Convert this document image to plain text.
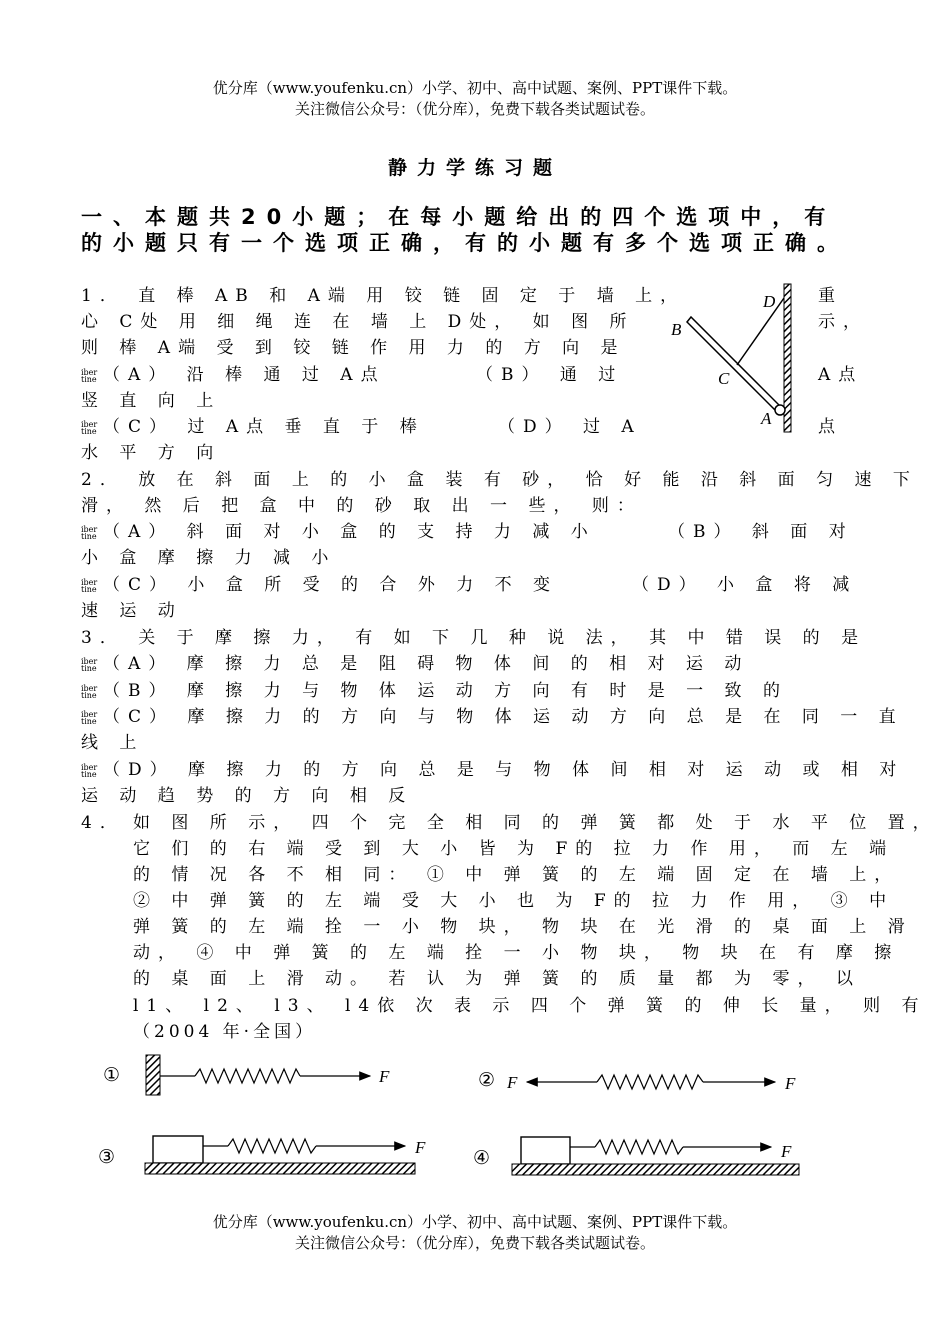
优分库（www.youfenku.cn）小学、初中、高中试题、案例、PPT课件下载。
关注微信公众号：（优分库），免费下载各类试题试卷。
静力学练习题
一、本题共20小题；在每小题给出的四个选项中，有的小题只有一个选项正确，有的小题有多个选项正确。
1． 直 棒 AB 和 A端 用 铰 链 固 定 于 墙 上，	重
心 C处 用 细 绳 连 在 墙 上 D处， 如 图 所	示，
则 棒 A端 受 到 铰 链 作 用 力 的 方 向 是
iber
tine （A） 沿 棒 通 过 A点	（B） 通 过	A点
竖 直 向 上
iber
tine （C） 过 A点 垂 直 于 棒	（D） 过 A	点
水 平 方 向
D
B
C
A
2． 放 在 斜 面 上 的 小 盒 装 有 砂， 恰 好 能 沿 斜 面 匀 速 下
滑， 然 后 把 盒 中 的 砂 取 出 一 些， 则：
iber
tine （A） 斜 面 对 小 盒 的 支 持 力 减 小	（B） 斜 面 对
小 盒 摩 擦 力 减 小
iber
tine （C） 小 盒 所 受 的 合 外 力 不 变	（D） 小 盒 将 减
速 运 动
3． 关 于 摩 擦 力， 有 如 下 几 种 说 法， 其 中 错 误 的 是
iber
tine （A） 摩 擦 力 总 是 阻 碍 物 体 间 的 相 对 运 动
iber
tine （B） 摩 擦 力 与 物 体 运 动 方 向 有 时 是 一 致 的
iber
tine （C） 摩 擦 力 的 方 向 与 物 体 运 动 方 向 总 是 在 同 一 直
线 上
iber
tine （D） 摩 擦 力 的 方 向 总 是 与 物 体 间 相 对 运 动 或 相 对
运 动 趋 势 的 方 向 相 反
4． 如 图 所 示， 四 个 完 全 相 同 的 弹 簧 都 处 于 水 平 位 置，
它 们 的 右 端 受 到 大 小 皆 为 F的 拉 力 作 用， 而 左 端
的 情 况 各 不 相 同： ① 中 弹 簧 的 左 端 固 定 在 墙 上，
② 中 弹 簧 的 左 端 受 大 小 也 为 F的 拉 力 作 用， ③ 中
弹 簧 的 左 端 拴 一 小 物 块， 物 块 在 光 滑 的 桌 面 上 滑
动， ④ 中 弹 簧 的 左 端 拴 一 小 物 块， 物 块 在 有 摩 擦
的 桌 面 上 滑 动。 若 认 为 弹 簧 的 质 量 都 为 零， 以
l1、 l2、 l3、 l4依 次 表 示 四 个 弹 簧 的 伸 长 量， 则 有
（2004 年·全国）
①	F	② F	F
③	F	④	F
优分库（www.youfenku.cn）小学、初中、高中试题、案例、PPT课件下载。
关注微信公众号：（优分库），免费下载各类试题试卷。
